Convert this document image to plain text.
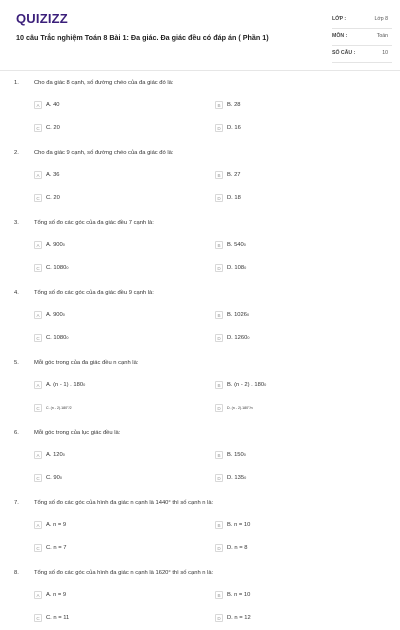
QUIZIZZ
10 câu Trắc nghiệm Toán 8 Bài 1: Đa giác. Đa giác đều có đáp án ( Phần 1)
LỚP :	Lớp 8
MÔN :	Toán
SỐ CÂU :	10
1.	Cho đa giác 8 cạnh, số đường chéo của đa giác đó là:
A	A. 40	B	B. 28
C	C. 20	D	D. 16
2.	Cho đa giác 9 cạnh, số đường chéo của đa giác đó là:
A	A. 36	B	B. 27
C	C. 20	D	D. 18
3.	Tổng số đo các góc của đa giác đều 7 cạnh là:
A	A. 900 0	B	B. 540 0
C	C. 1080 0	D	D. 108 0
4.	Tổng số đo các góc của đa giác đều 9 cạnh là:
A	A. 900 0	B	B. 1026 0
C	C. 1080 0	D	D. 1260 0
5.	Mỗi góc trong của đa giác đều n cạnh là:
A	A. (n - 1) . 180 0	B	B. (n - 2) . 180 0
C	C. (n - 2).180°/2	D	D. (n - 2).180°/n
6.	Mỗi góc trong của lục giác đều là:
A	A. 120 0	B	B. 150 0
C	C. 90 0	D	D. 135 0
7.	Tổng số đo các góc của hình đa giác n cạnh là 1440° thì số cạnh n là:
A	A. n = 9	B	B. n = 10
C	C. n = 7	D	D. n = 8
8.	Tổng số đo các góc của hình đa giác n cạnh là 1620° thì số cạnh n là:
A	A. n = 9	B	B. n = 10
C	C. n = 11	D	D. n = 12
